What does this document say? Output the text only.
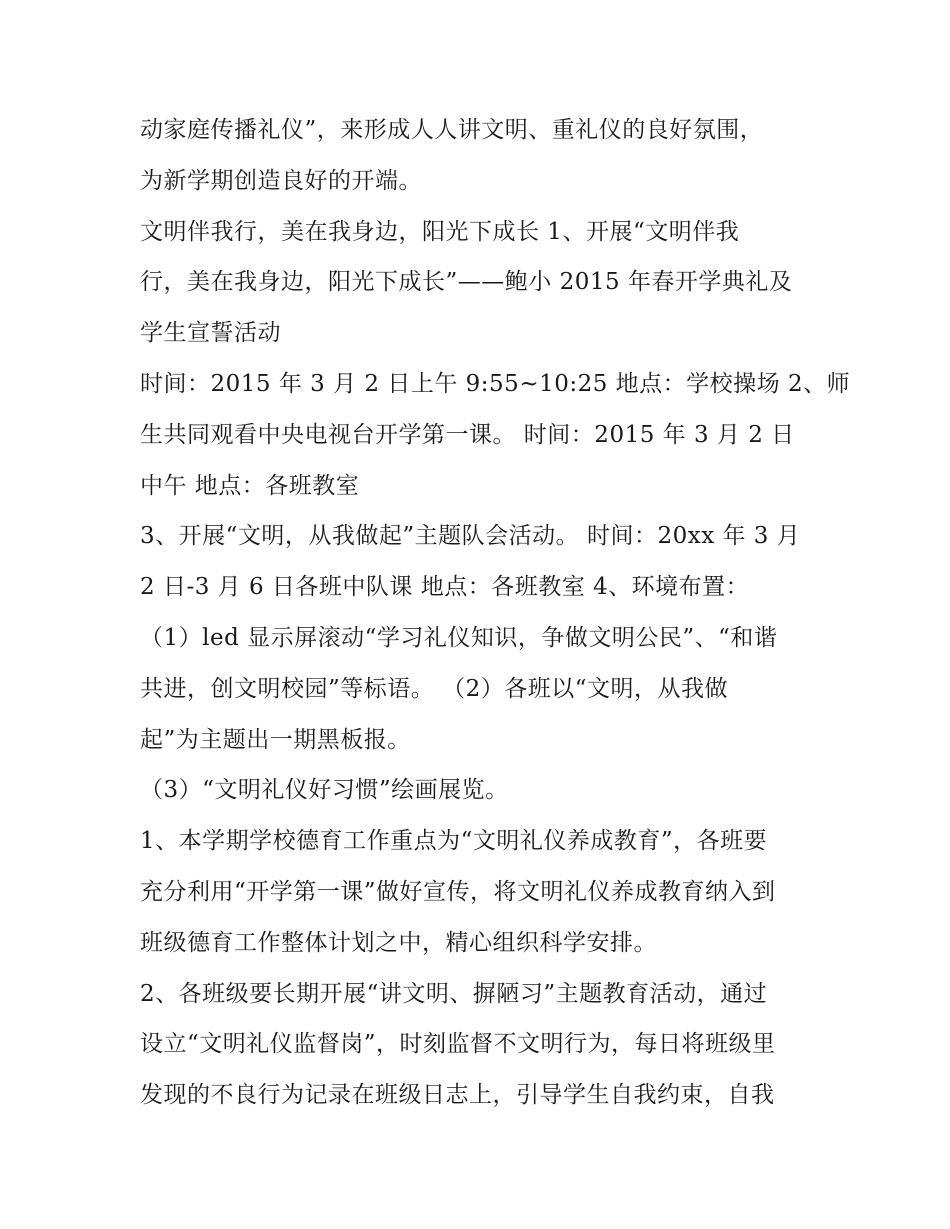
动家庭传播礼仪”，来形成人人讲文明、重礼仪的良好氛围，
为新学期创造良好的开端。
文明伴我行，美在我身边，阳光下成长 1、开展“文明伴我
行，美在我身边，阳光下成长”——鲍小 2015 年春开学典礼及
学生宣誓活动
时间：2015 年 3 月 2 日上午 9:55~10:25 地点：学校操场 2、师
生共同观看中央电视台开学第一课。 时间：2015 年 3 月 2 日
中午 地点：各班教室
3、开展“文明，从我做起”主题队会活动。 时间：20xx 年 3 月
2 日-3 月 6 日各班中队课 地点：各班教室 4、环境布置：
（1）led 显示屏滚动“学习礼仪知识，争做文明公民”、“和谐
共进，创文明校园”等标语。 （2）各班以“文明，从我做
起”为主题出一期黑板报。
（3）“文明礼仪好习惯”绘画展览。
1、本学期学校德育工作重点为“文明礼仪养成教育”，各班要
充分利用“开学第一课”做好宣传，将文明礼仪养成教育纳入到
班级德育工作整体计划之中，精心组织科学安排。
2、各班级要长期开展“讲文明、摒陋习”主题教育活动，通过
设立“文明礼仪监督岗”，时刻监督不文明行为，每日将班级里
发现的不良行为记录在班级日志上，引导学生自我约束，自我
